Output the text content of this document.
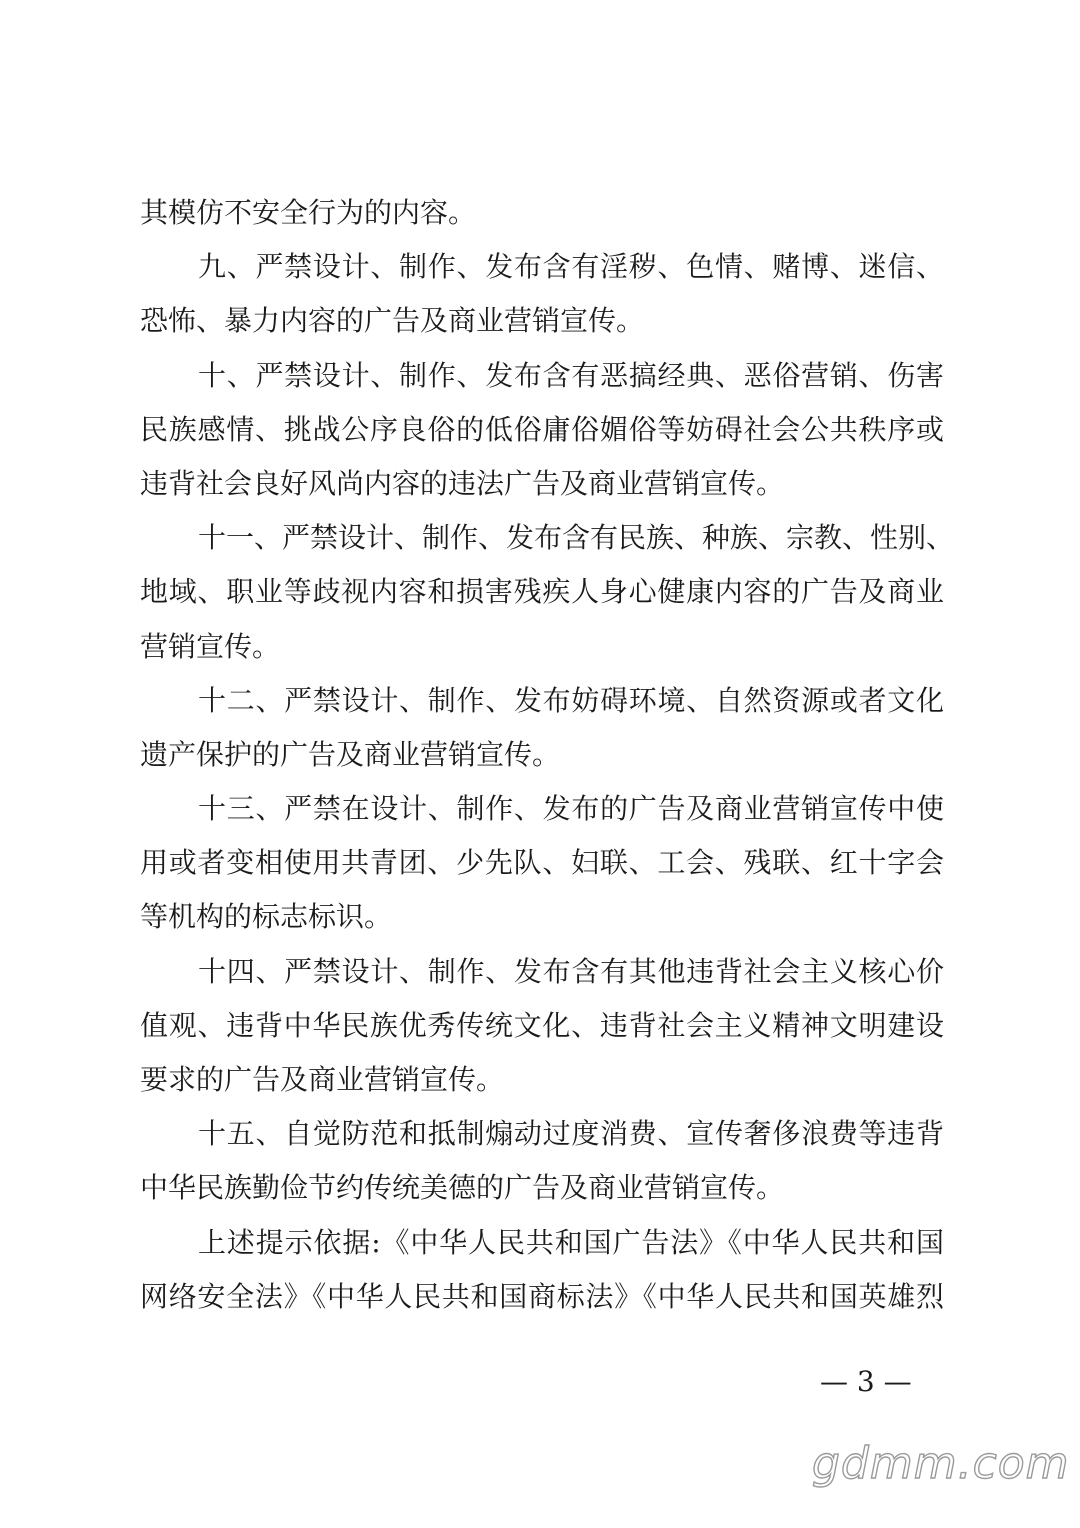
其模仿不安全行为的内容。
九、严禁设计、制作、发布含有淫秽、色情、赌博、迷信、
恐怖、暴力内容的广告及商业营销宣传。
十、严禁设计、制作、发布含有恶搞经典、恶俗营销、伤害
民族感情、挑战公序良俗的低俗庸俗媚俗等妨碍社会公共秩序或
违背社会良好风尚内容的违法广告及商业营销宣传。
十一、严禁设计、制作、发布含有民族、种族、宗教、性别、
地域、职业等歧视内容和损害残疾人身心健康内容的广告及商业
营销宣传。
十二、严禁设计、制作、发布妨碍环境、自然资源或者文化
遗产保护的广告及商业营销宣传。
十三、严禁在设计、制作、发布的广告及商业营销宣传中使
用或者变相使用共青团、少先队、妇联、工会、残联、红十字会
等机构的标志标识。
十四、严禁设计、制作、发布含有其他违背社会主义核心价
值观、违背中华民族优秀传统文化、违背社会主义精神文明建设
要求的广告及商业营销宣传。
十五、自觉防范和抵制煽动过度消费、宣传奢侈浪费等违背
中华民族勤俭节约传统美德的广告及商业营销宣传。
上述提示依据:《中华人民共和国广告法》《中华人民共和国
网络安全法》《中华人民共和国商标法》《中华人民共和国英雄烈
— 3 —
gdmm.com
